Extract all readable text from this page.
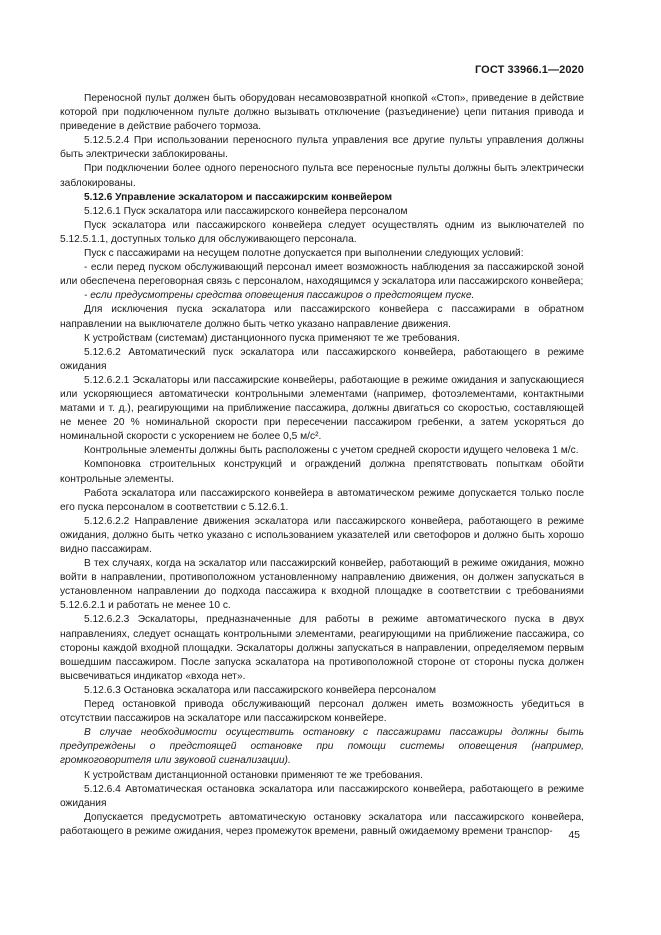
ГОСТ 33966.1—2020

Переносной пульт должен быть оборудован несамовозвратной кнопкой «Стоп», приведение в действие которой при подключенном пульте должно вызывать отключение (разъединение) цепи питания привода и приведение в действие рабочего тормоза.

5.12.5.2.4 При использовании переносного пульта управления все другие пульты управления должны быть электрически заблокированы.

При подключении более одного переносного пульта все переносные пульты должны быть электрически заблокированы.

5.12.6 Управление эскалатором и пассажирским конвейером

5.12.6.1 Пуск эскалатора или пассажирского конвейера персоналом

Пуск эскалатора или пассажирского конвейера следует осуществлять одним из выключателей по 5.12.5.1.1, доступных только для обслуживающего персонала.

Пуск с пассажирами на несущем полотне допускается при выполнении следующих условий:

- если перед пуском обслуживающий персонал имеет возможность наблюдения за пассажирской зоной или обеспечена переговорная связь с персоналом, находящимся у эскалатора или пассажирского конвейера;

- если предусмотрены средства оповещения пассажиров о предстоящем пуске.

Для исключения пуска эскалатора или пассажирского конвейера с пассажирами в обратном направлении на выключателе должно быть четко указано направление движения.

К устройствам (системам) дистанционного пуска применяют те же требования.

5.12.6.2 Автоматический пуск эскалатора или пассажирского конвейера, работающего в режиме ожидания

5.12.6.2.1 Эскалаторы или пассажирские конвейеры, работающие в режиме ожидания и запускающиеся или ускоряющиеся автоматически контрольными элементами (например, фотоэлементами, контактными матами и т. д.), реагирующими на приближение пассажира, должны двигаться со скоростью, составляющей не менее 20 % номинальной скорости при пересечении пассажиром гребенки, а затем ускоряться до номинальной скорости с ускорением не более 0,5 м/с².

Контрольные элементы должны быть расположены с учетом средней скорости идущего человека 1 м/с.

Компоновка строительных конструкций и ограждений должна препятствовать попыткам обойти контрольные элементы.

Работа эскалатора или пассажирского конвейера в автоматическом режиме допускается только после его пуска персоналом в соответствии с 5.12.6.1.

5.12.6.2.2 Направление движения эскалатора или пассажирского конвейера, работающего в режиме ожидания, должно быть четко указано с использованием указателей или светофоров и должно быть хорошо видно пассажирам.

В тех случаях, когда на эскалатор или пассажирский конвейер, работающий в режиме ожидания, можно войти в направлении, противоположном установленному направлению движения, он должен запускаться в установленном направлении до подхода пассажира к входной площадке в соответствии с требованиями 5.12.6.2.1 и работать не менее 10 с.

5.12.6.2.3 Эскалаторы, предназначенные для работы в режиме автоматического пуска в двух направлениях, следует оснащать контрольными элементами, реагирующими на приближение пассажира, со стороны каждой входной площадки. Эскалаторы должны запускаться в направлении, определяемом первым вошедшим пассажиром. После запуска эскалатора на противоположной стороне от стороны пуска должен высвечиваться индикатор «входа нет».

5.12.6.3 Остановка эскалатора или пассажирского конвейера персоналом

Перед остановкой привода обслуживающий персонал должен иметь возможность убедиться в отсутствии пассажиров на эскалаторе или пассажирском конвейере.

В случае необходимости осуществить остановку с пассажирами пассажиры должны быть предупреждены о предстоящей остановке при помощи системы оповещения (например, громкоговорителя или звуковой сигнализации).

К устройствам дистанционной остановки применяют те же требования.

5.12.6.4 Автоматическая остановка эскалатора или пассажирского конвейера, работающего в режиме ожидания

Допускается предусмотреть автоматическую остановку эскалатора или пассажирского конвейера, работающего в режиме ожидания, через промежуток времени, равный ожидаемому времени транспор-	45
